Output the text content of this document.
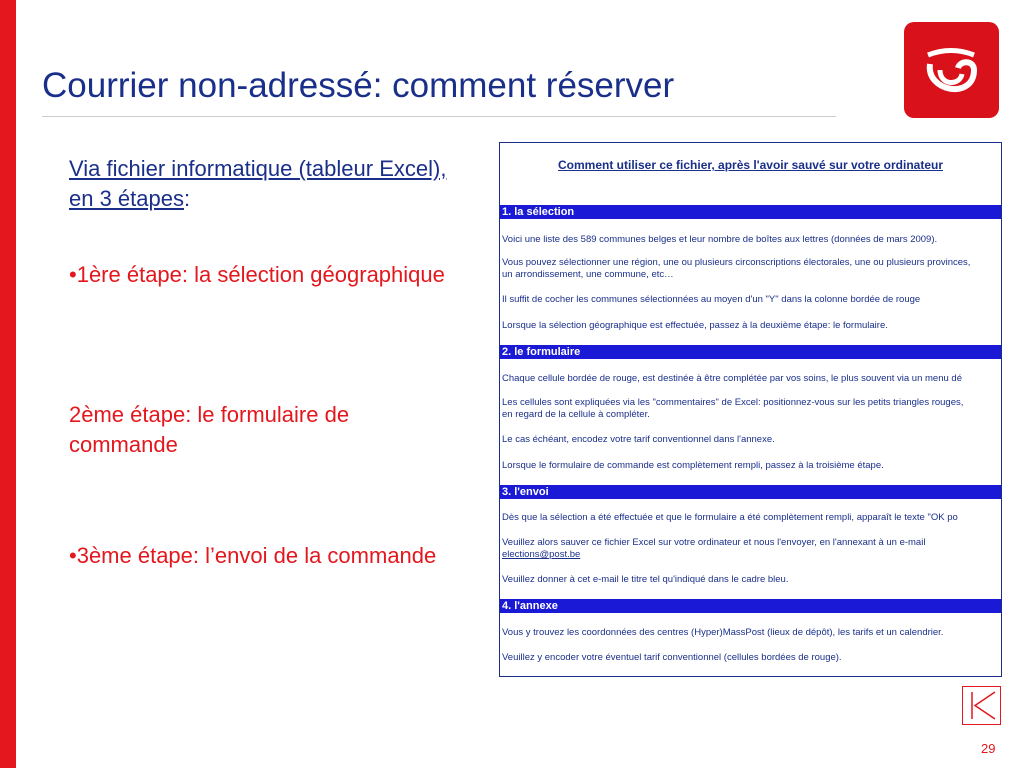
Courrier non-adressé: comment réserver
Via fichier informatique (tableur Excel), en 3 étapes:
•1ère étape: la sélection géographique
2ème étape: le formulaire de commande
•3ème étape: l’envoi de la commande
Comment utiliser ce fichier, après l'avoir sauvé sur votre ordinateur
1. la sélection
Voici une liste des 589 communes belges et leur nombre de boîtes aux lettres (données de mars 2009).
Vous pouvez sélectionner une région, une ou plusieurs circonscriptions électorales, une ou plusieurs provinces, un arrondissement, une commune, etc…
Il suffit de cocher les communes sélectionnées au moyen d'un "Y" dans la colonne bordée de rouge
Lorsque la sélection géographique est effectuée, passez à la deuxième étape: le formulaire.
2. le formulaire
Chaque cellule bordée de rouge, est destinée à être complétée par vos soins, le plus souvent via un menu dé
Les cellules sont expliquées via les "commentaires" de Excel: positionnez-vous sur les petits triangles rouges, en regard de la cellule à compléter.
Le cas échéant, encodez votre tarif conventionnel dans l'annexe.
Lorsque le formulaire de commande est complètement rempli, passez à la troisième étape.
3. l'envoi
Dès que la sélection a été effectuée et que le formulaire a été complètement rempli, apparaît le texte "OK po
Veuillez alors sauver ce fichier Excel sur votre ordinateur et nous l'envoyer, en l'annexant à un e-mail
elections@post.be
Veuillez donner à cet e-mail le titre tel qu'indiqué dans le cadre bleu.
4. l'annexe
Vous y trouvez les coordonnées des centres (Hyper)MassPost (lieux de dépôt), les tarifs et un calendrier.
Veuillez y encoder votre éventuel tarif conventionnel (cellules bordées de rouge).
29
